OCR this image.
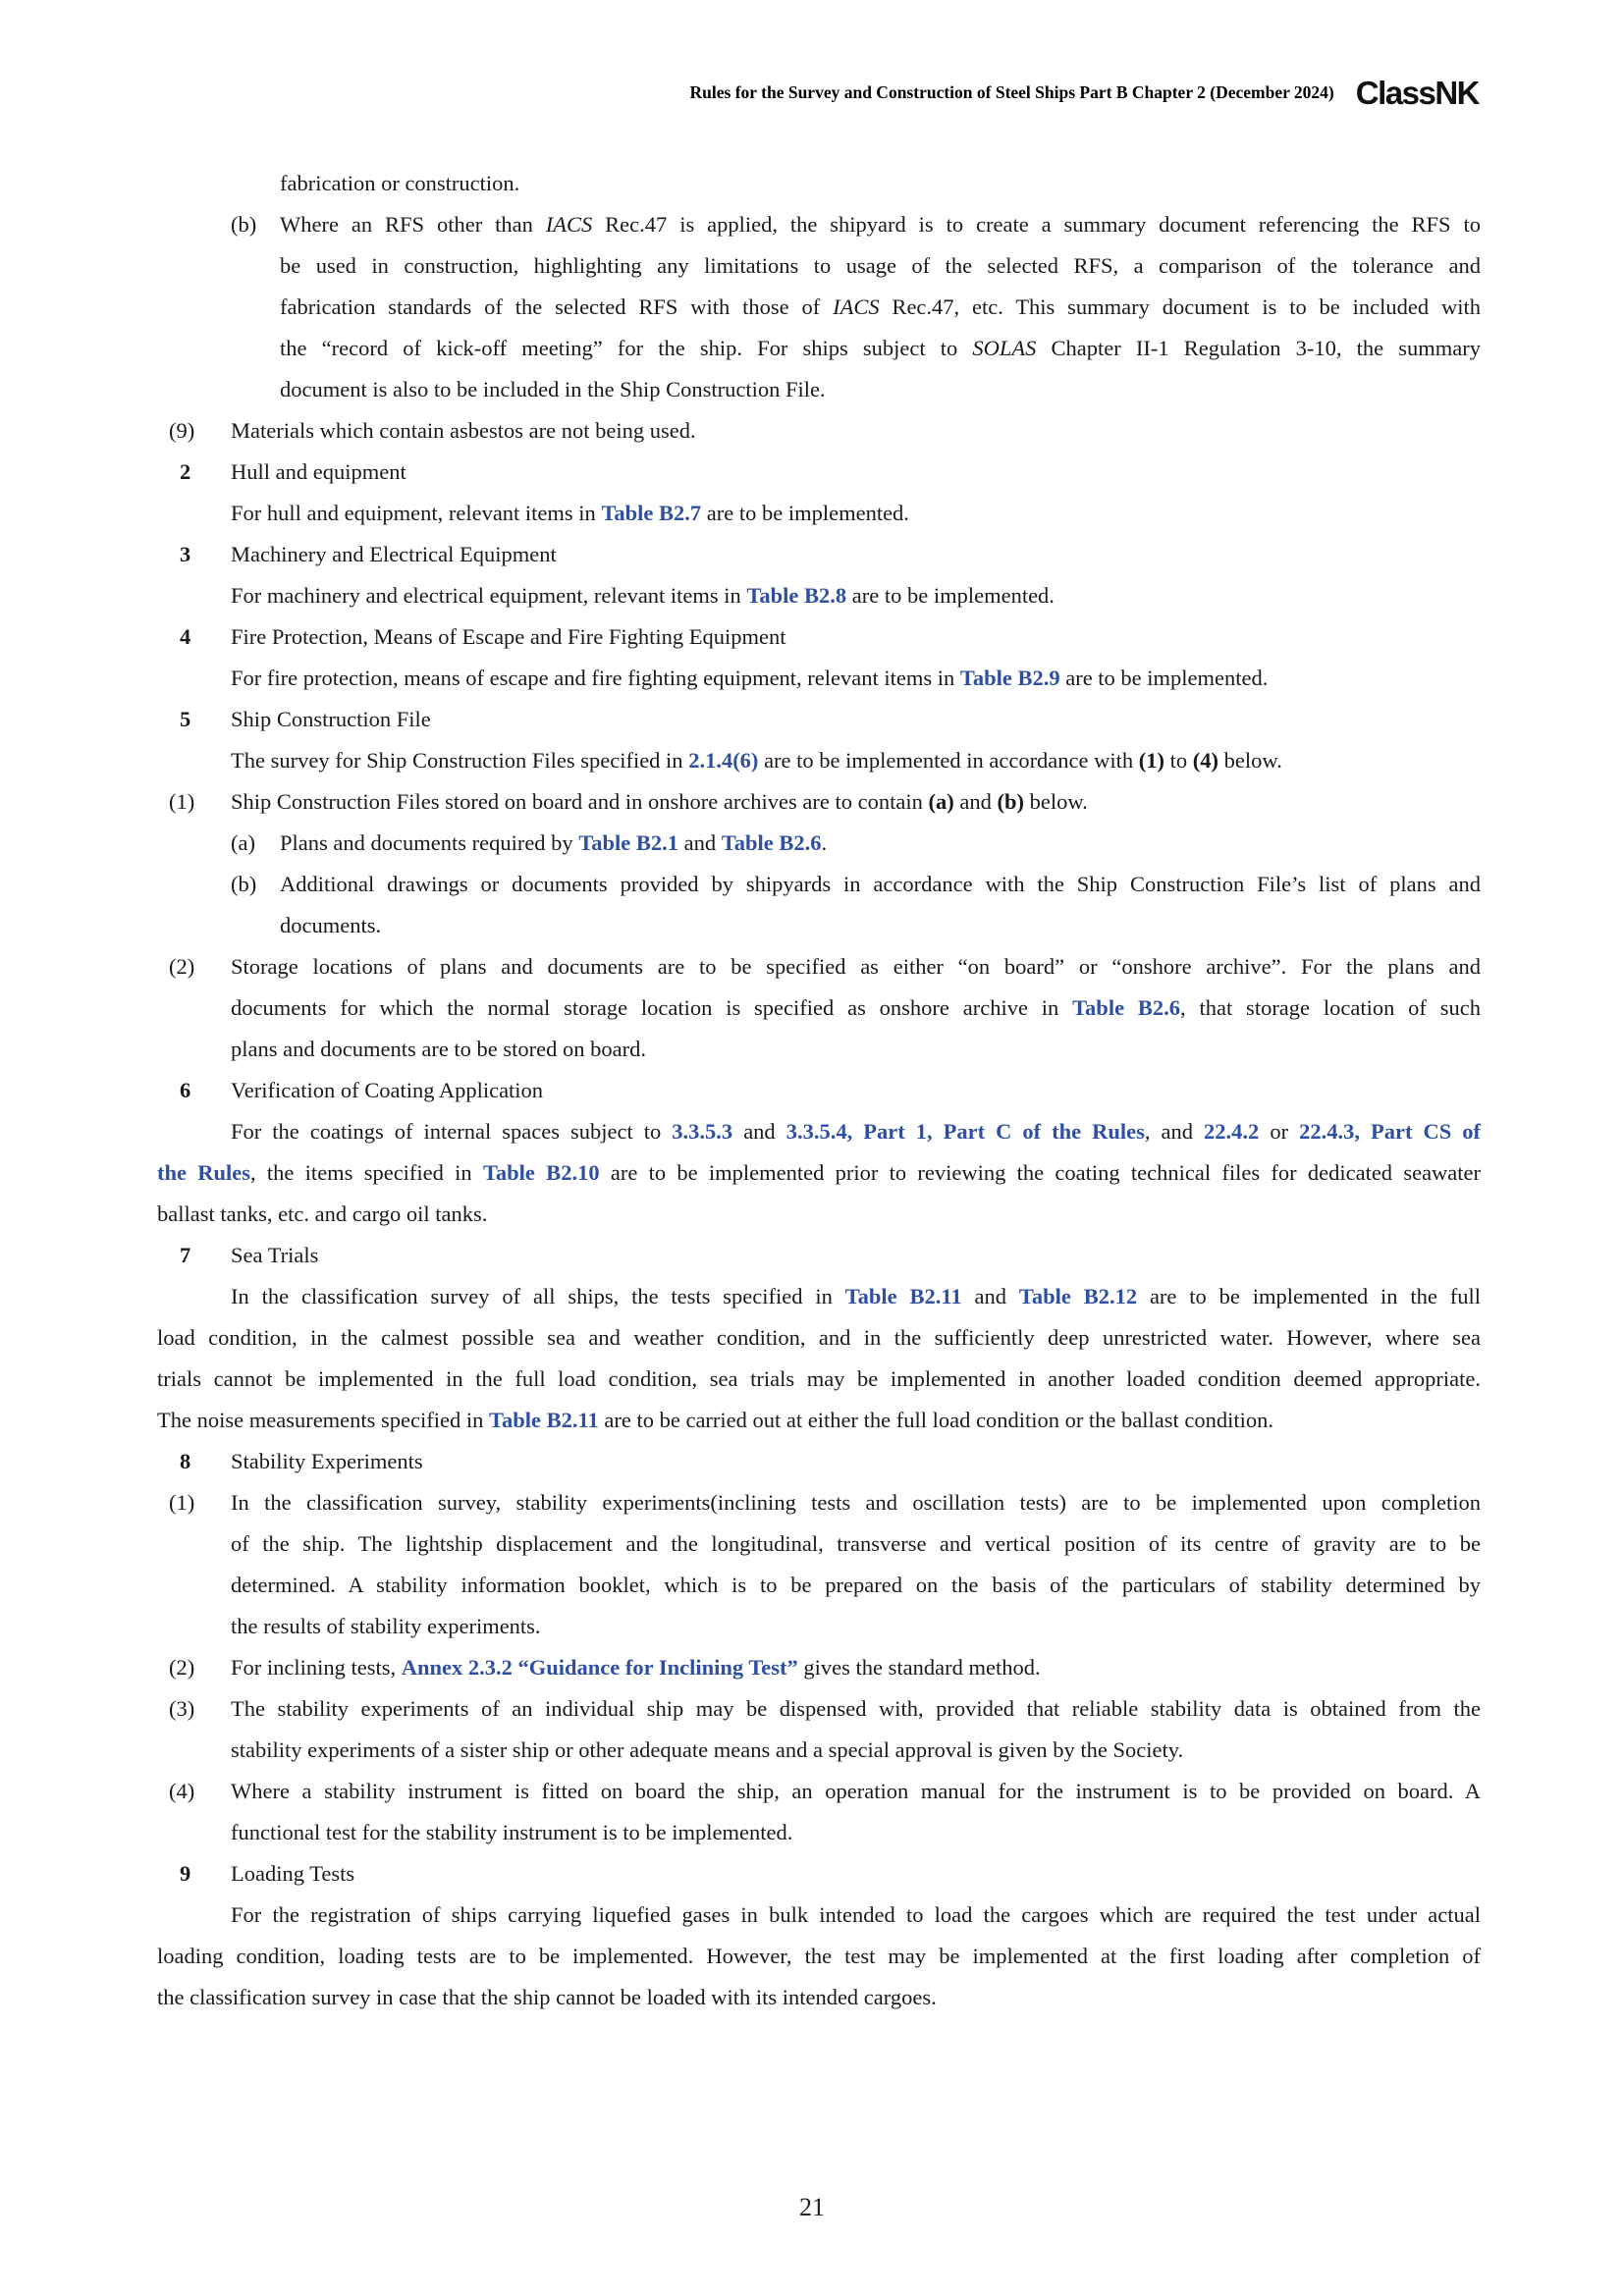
Rules for the Survey and Construction of Steel Ships Part B Chapter 2 (December 2024) ClassNK
fabrication or construction.
(b) Where an RFS other than IACS Rec.47 is applied, the shipyard is to create a summary document referencing the RFS to
be used in construction, highlighting any limitations to usage of the selected RFS, a comparison of the tolerance and
fabrication standards of the selected RFS with those of IACS Rec.47, etc. This summary document is to be included with
the “record of kick-off meeting” for the ship. For ships subject to SOLAS Chapter II-1 Regulation 3-10, the summary
document is also to be included in the Ship Construction File.
(9) Materials which contain asbestos are not being used.
2 Hull and equipment
For hull and equipment, relevant items in Table B2.7 are to be implemented.
3 Machinery and Electrical Equipment
For machinery and electrical equipment, relevant items in Table B2.8 are to be implemented.
4 Fire Protection, Means of Escape and Fire Fighting Equipment
For fire protection, means of escape and fire fighting equipment, relevant items in Table B2.9 are to be implemented.
5 Ship Construction File
The survey for Ship Construction Files specified in 2.1.4(6) are to be implemented in accordance with (1) to (4) below.
(1) Ship Construction Files stored on board and in onshore archives are to contain (a) and (b) below.
(a) Plans and documents required by Table B2.1 and Table B2.6.
(b) Additional drawings or documents provided by shipyards in accordance with the Ship Construction File’s list of plans and
documents.
(2) Storage locations of plans and documents are to be specified as either “on board” or “onshore archive”. For the plans and
documents for which the normal storage location is specified as onshore archive in Table B2.6, that storage location of such
plans and documents are to be stored on board.
6 Verification of Coating Application
For the coatings of internal spaces subject to 3.3.5.3 and 3.3.5.4, Part 1, Part C of the Rules, and 22.4.2 or 22.4.3, Part CS of
the Rules, the items specified in Table B2.10 are to be implemented prior to reviewing the coating technical files for dedicated seawater
ballast tanks, etc. and cargo oil tanks.
7 Sea Trials
In the classification survey of all ships, the tests specified in Table B2.11 and Table B2.12 are to be implemented in the full
load condition, in the calmest possible sea and weather condition, and in the sufficiently deep unrestricted water. However, where sea
trials cannot be implemented in the full load condition, sea trials may be implemented in another loaded condition deemed appropriate.
The noise measurements specified in Table B2.11 are to be carried out at either the full load condition or the ballast condition.
8 Stability Experiments
(1) In the classification survey, stability experiments(inclining tests and oscillation tests) are to be implemented upon completion
of the ship. The lightship displacement and the longitudinal, transverse and vertical position of its centre of gravity are to be
determined. A stability information booklet, which is to be prepared on the basis of the particulars of stability determined by
the results of stability experiments.
(2) For inclining tests, Annex 2.3.2 “Guidance for Inclining Test” gives the standard method.
(3) The stability experiments of an individual ship may be dispensed with, provided that reliable stability data is obtained from the
stability experiments of a sister ship or other adequate means and a special approval is given by the Society.
(4) Where a stability instrument is fitted on board the ship, an operation manual for the instrument is to be provided on board. A
functional test for the stability instrument is to be implemented.
9 Loading Tests
For the registration of ships carrying liquefied gases in bulk intended to load the cargoes which are required the test under actual
loading condition, loading tests are to be implemented. However, the test may be implemented at the first loading after completion of
the classification survey in case that the ship cannot be loaded with its intended cargoes.
21
